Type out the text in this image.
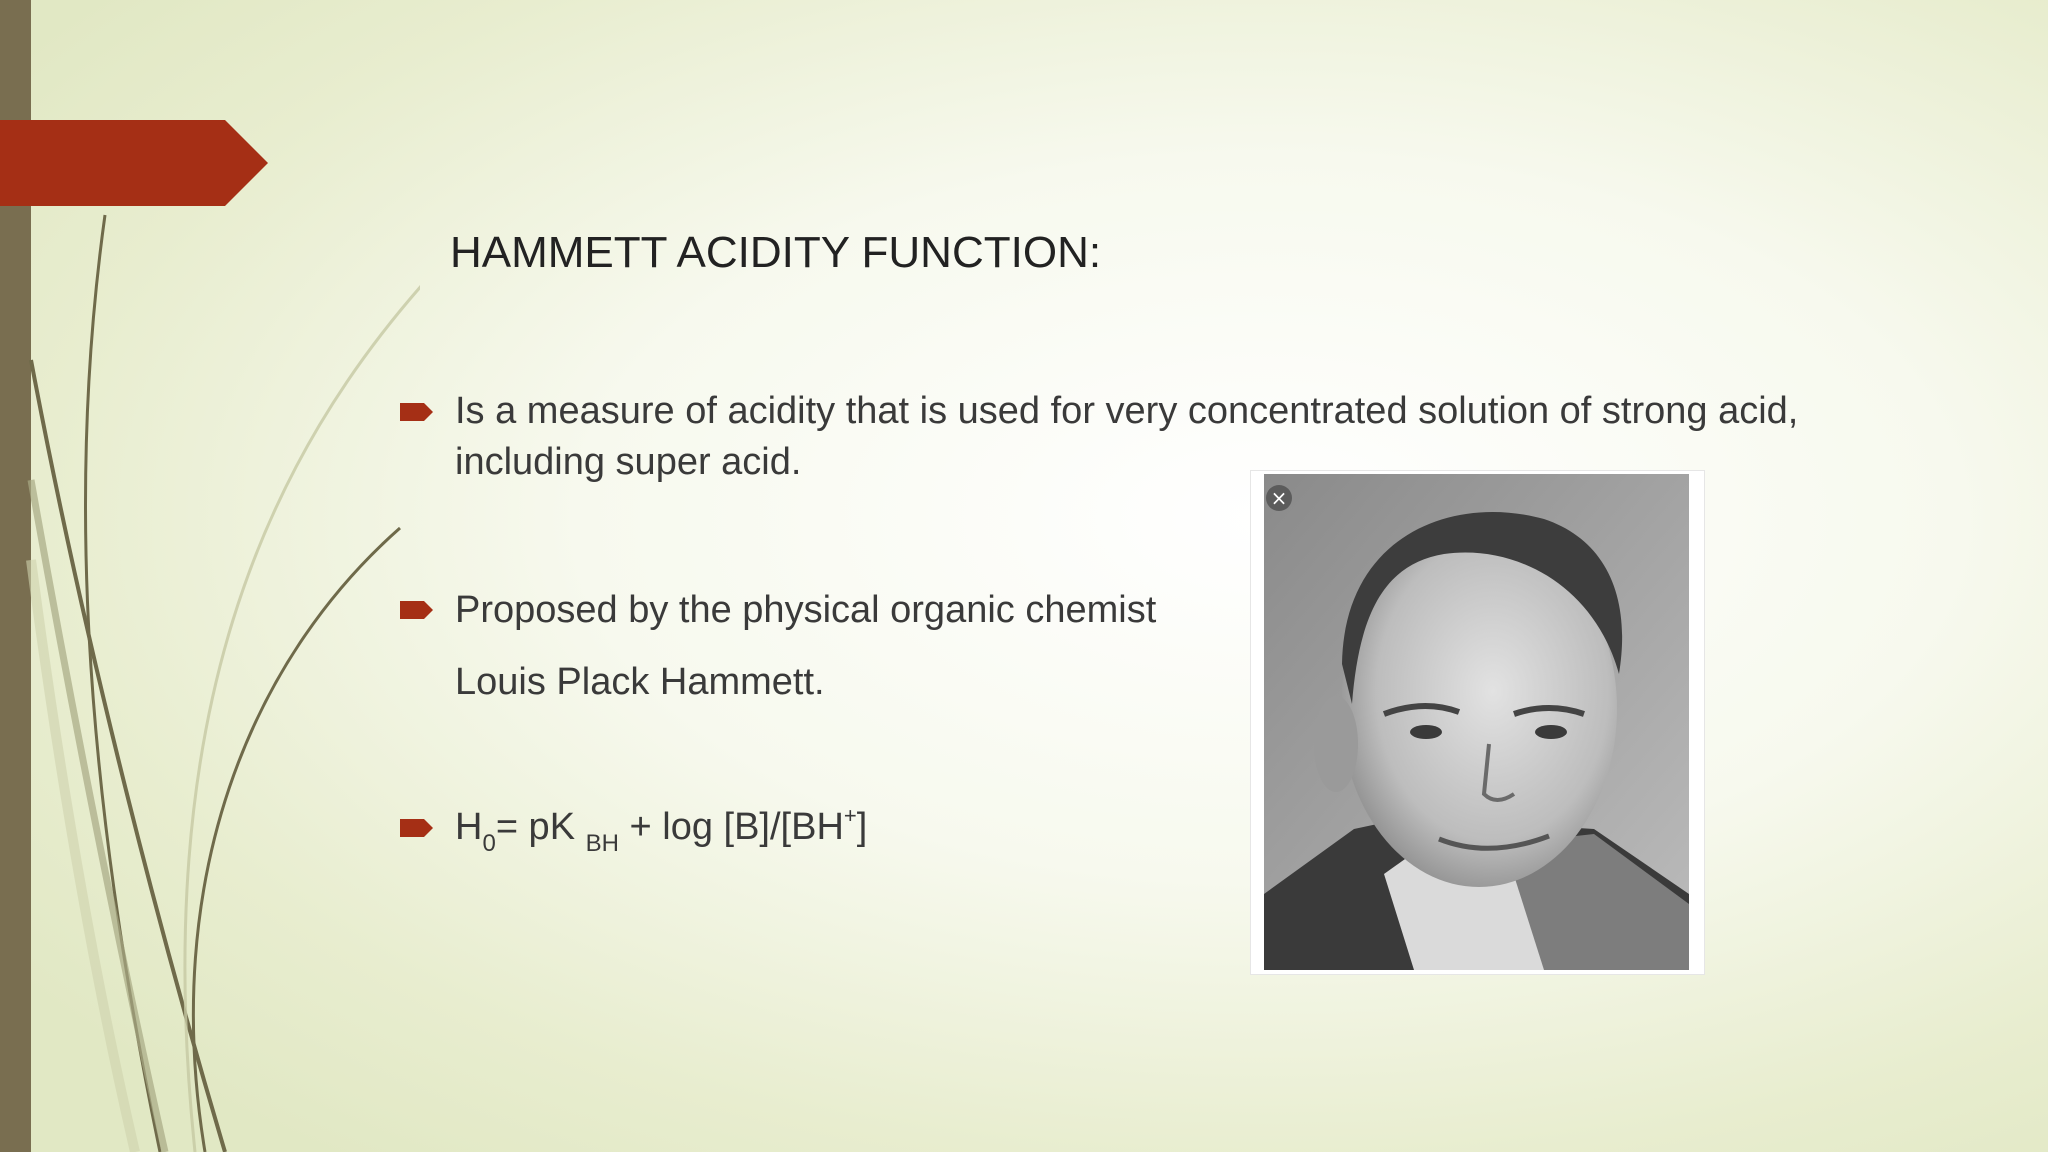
HAMMETT ACIDITY FUNCTION:
Is a measure of acidity that is used for very concentrated solution of strong acid,
including super acid.
Proposed by the physical organic chemist
Louis Plack Hammett.
$H_0=$ pK $_{BH}$ + log [B]/[BH+]
×
